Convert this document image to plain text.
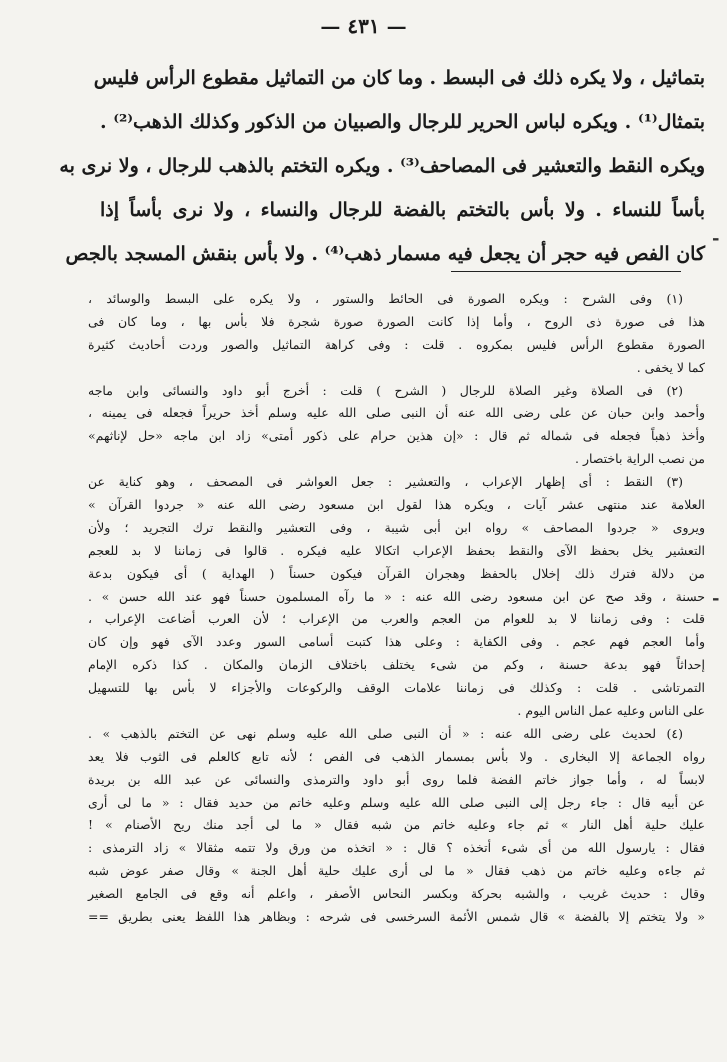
— ٤٣١ —
بتماثيل ، ولا يكره ذلك فى البسط . وما كان من التماثيل مقطوع الرأس فليس
بتمثال⁽¹⁾ . ويكره لباس الحرير للرجال والصبيان من الذكور وكذلك الذهب⁽²⁾ .
ويكره النقط والتعشير فى المصاحف⁽³⁾ . ويكره التختم بالذهب للرجال ، ولا نرى به
بأساً للنساء . ولا بأس بالتختم بالفضة للرجال والنساء ، ولا نرى بأساً إذا
كان الفص فيه حجر أن يجعل فيه مسمار ذهب⁽⁴⁾ . ولا بأس بنقش المسجد بالجص
(١) وفى الشرح : ويكره الصورة فى الحائط والستور ، ولا يكره على البسط والوسائد ،
هذا فى صورة ذى الروح ، وأما إذا كانت الصورة صورة شجرة فلا بأس بها ، وما كان فى
الصورة مقطوع الرأس فليس بمكروه . قلت : وفى كراهة التماثيل والصور وردت أحاديث كثيرة
كما لا يخفى .
(٢) فى الصلاة وغير الصلاة للرجال ( الشرح ) قلت : أخرج أبو داود والنسائى وابن ماجه
وأحمد وابن حبان عن على رضى الله عنه أن النبى صلى الله عليه وسلم أخذ حريراً فجعله فى يمينه ،
وأخذ ذهباً فجعله فى شماله ثم قال : «إن هذين حرام على ذكور أمتى» زاد ابن ماجه «حل لإناثهم»
من نصب الراية باختصار .
(٣) النقط : أى إظهار الإعراب ، والتعشير : جعل العواشر فى المصحف ، وهو كناية عن
العلامة عند منتهى عشر آيات ، ويكره هذا لقول ابن مسعود رضى الله عنه « جردوا القرآن »
ويروى « جردوا المصاحف » رواه ابن أبى شيبة ، وفى التعشير والنقط ترك التجريد ؛ ولأن
التعشير يخل بحفظ الآى والنقط بحفظ الإعراب اتكالا عليه فيكره . قالوا فى زماننا لا بد للعجم
من دلالة فترك ذلك إخلال بالحفظ وهجران القرآن فيكون حسناً ( الهداية ) أى فيكون بدعة
حسنة ، وقد صح عن ابن مسعود رضى الله عنه : « ما رآه المسلمون حسناً فهو عند الله حسن » .
قلت : وفى زماننا لا بد للعوام من العجم والعرب من الإعراب ؛ لأن العرب أضاعت الإعراب ،
وأما العجم فهم عجم . وفى الكفاية : وعلى هذا كتبت أسامى السور وعدد الآى فهو وإن كان
إحداثاً فهو بدعة حسنة ، وكم من شىء يختلف باختلاف الزمان والمكان . كذا ذكره الإمام
التمرتاشى . قلت : وكذلك فى زماننا علامات الوقف والركوعات والأجزاء لا بأس بها للتسهيل
على الناس وعليه عمل الناس اليوم .
(٤) لحديث على رضى الله عنه : « أن النبى صلى الله عليه وسلم نهى عن التختم بالذهب » .
رواه الجماعة إلا البخارى . ولا بأس بمسمار الذهب فى الفص ؛ لأنه تابع كالعلم فى الثوب فلا يعد
لابساً له ، وأما جواز خاتم الفضة فلما روى أبو داود والترمذى والنسائى عن عبد الله بن بريدة
عن أبيه قال : جاء رجل إلى النبى صلى الله عليه وسلم وعليه خاتم من حديد فقال : « ما لى أرى
عليك حلية أهل النار » ثم جاء وعليه خاتم من شبه فقال « ما لى أجد منك ريح الأصنام » !
فقال : يارسول الله من أى شىء أتخذه ؟ قال : « اتخذه من ورق ولا تتمه مثقالا » زاد الترمذى :
ثم جاءه وعليه خاتم من ذهب فقال « ما لى أرى عليك حلية أهل الجنة » وقال صفر عوض شبه
وقال : حديث غريب ، والشبه بحركة وبكسر النحاس الأصفر ، واعلم أنه وقع فى الجامع الصغير
« ولا يتختم إلا بالفضة » قال شمس الأئمة السرخسى فى شرحه : وبظاهر هذا اللفظ يعنى بطريق ==
-
-
